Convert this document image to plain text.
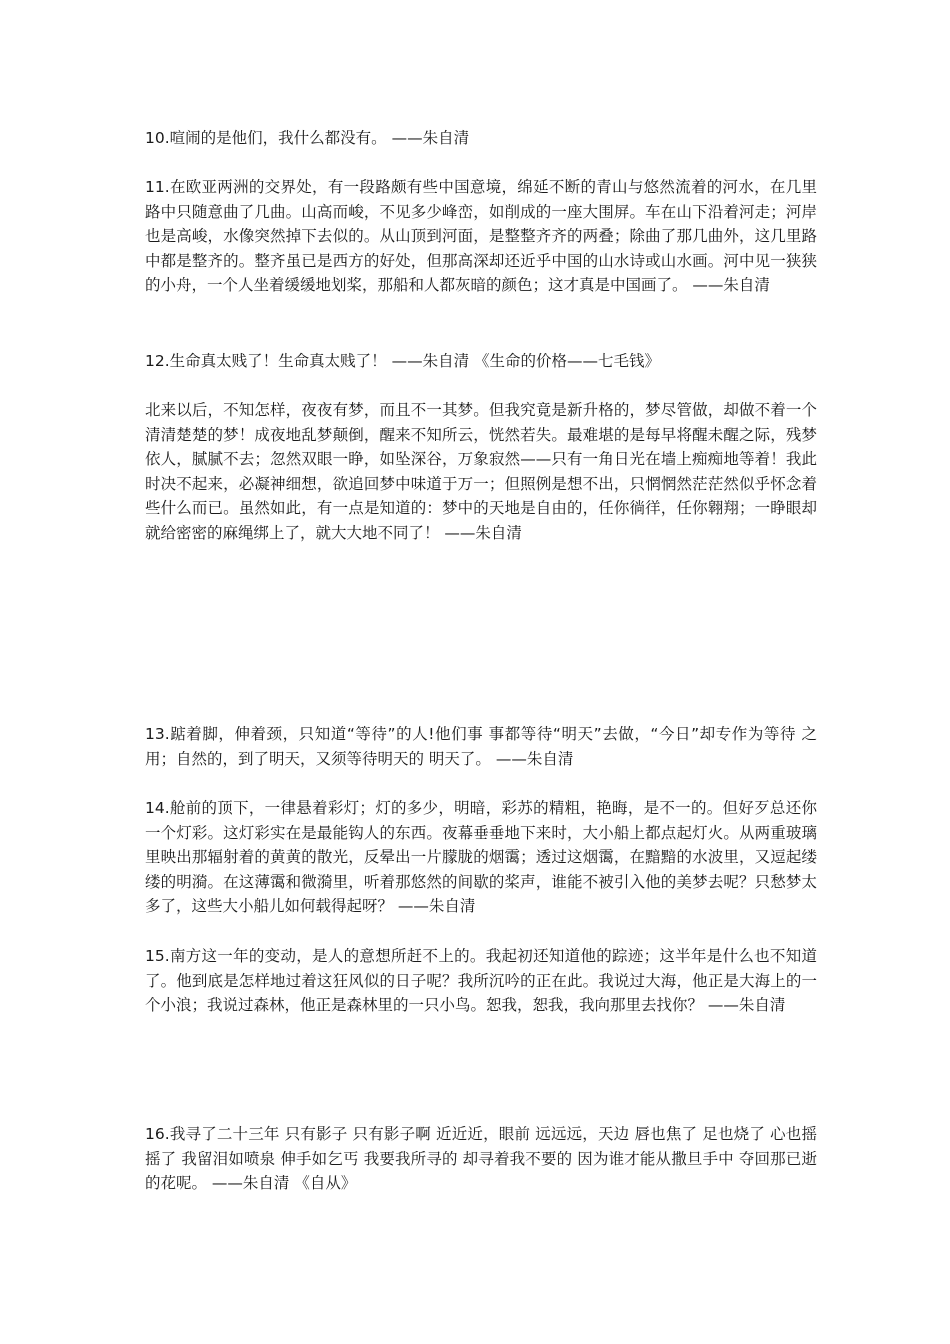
10.喧闹的是他们，我什么都没有。 ——朱自清

11.在欧亚两洲的交界处，有一段路颇有些中国意境，绵延不断的青山与悠然流着的河水，在几里路中只随意曲了几曲。山高而峻，不见多少峰峦，如削成的一座大围屏。车在山下沿着河走；河岸也是高峻，水像突然掉下去似的。从山顶到河面，是整整齐齐的两叠；除曲了那几曲外，这几里路中都是整齐的。整齐虽已是西方的好处，但那高深却还近乎中国的山水诗或山水画。河中见一狭狭的小舟，一个人坐着缓缓地划桨，那船和人都灰暗的颜色；这才真是中国画了。 ——朱自清

12.生命真太贱了！生命真太贱了！ ——朱自清 《生命的价格——七毛钱》

北来以后，不知怎样，夜夜有梦，而且不一其梦。但我究竟是新升格的，梦尽管做，却做不着一个清清楚楚的梦！成夜地乱梦颠倒，醒来不知所云，恍然若失。最难堪的是每早将醒未醒之际，残梦依人，腻腻不去；忽然双眼一睁，如坠深谷，万象寂然——只有一角日光在墙上痴痴地等着！我此时决不起来，必凝神细想，欲追回梦中味道于万一；但照例是想不出，只惘惘然茫茫然似乎怀念着些什么而已。虽然如此，有一点是知道的：梦中的天地是自由的，任你徜徉，任你翱翔；一睁眼却就给密密的麻绳绑上了，就大大地不同了！ ——朱自清

13.踮着脚，伸着颈，只知道“等待”的人!他们事 事都等待“明天”去做，“今日”却专作为等待 之用；自然的，到了明天，又须等待明天的 明天了。 ——朱自清

14.舱前的顶下，一律悬着彩灯；灯的多少，明暗，彩苏的精粗，艳晦，是不一的。但好歹总还你一个灯彩。这灯彩实在是最能钩人的东西。夜幕垂垂地下来时，大小船上都点起灯火。从两重玻璃里映出那辐射着的黄黄的散光，反晕出一片朦胧的烟霭；透过这烟霭，在黯黯的水波里，又逗起缕缕的明漪。在这薄霭和微漪里，听着那悠然的间歇的桨声，谁能不被引入他的美梦去呢？只愁梦太多了，这些大小船儿如何载得起呀？ ——朱自清

15.南方这一年的变动，是人的意想所赶不上的。我起初还知道他的踪迹；这半年是什么也不知道了。他到底是怎样地过着这狂风似的日子呢？我所沉吟的正在此。我说过大海，他正是大海上的一个小浪；我说过森林，他正是森林里的一只小鸟。恕我，恕我，我向那里去找你？ ——朱自清

16.我寻了二十三年 只有影子 只有影子啊 近近近，眼前 远远远，天边 唇也焦了 足也烧了 心也摇摇了 我留泪如喷泉 伸手如乞丐 我要我所寻的 却寻着我不要的 因为谁才能从撒旦手中 夺回那已逝的花呢。 ——朱自清 《自从》
